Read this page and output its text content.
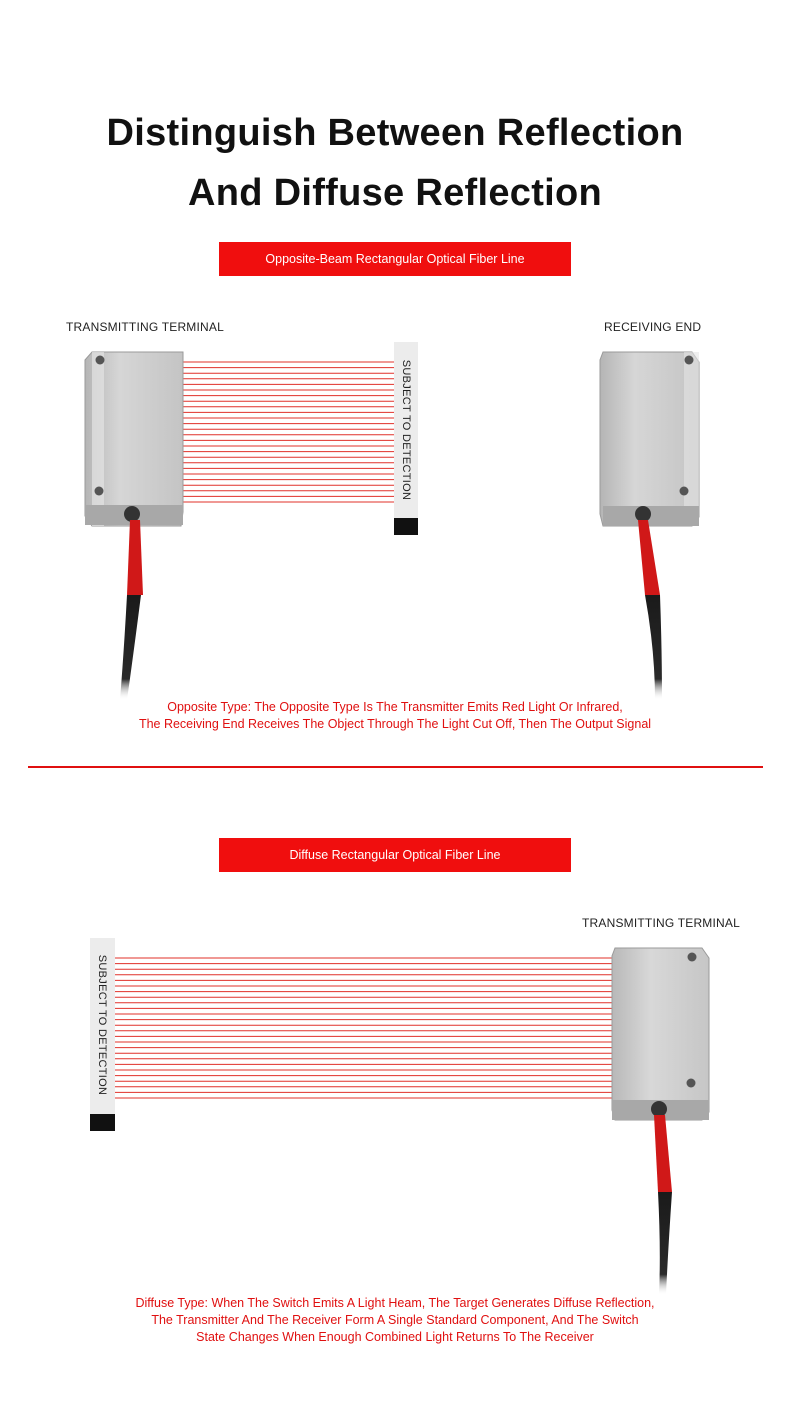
Distinguish Between Reflection
And Diffuse Reflection
Opposite-Beam Rectangular Optical Fiber Line
TRANSMITTING TERMINAL	RECEIVING END
SUBJECT TO DETECTION
Opposite Type: The Opposite Type Is The Transmitter Emits Red Light Or Infrared,
The Receiving End Receives The Object Through The Light Cut Off, Then The Output Signal
Diffuse Rectangular Optical Fiber Line
TRANSMITTING TERMINAL
SUBJECT TO DETECTION
Diffuse Type: When The Switch Emits A Light Heam, The Target Generates Diffuse Reflection,
The Transmitter And The Receiver Form A Single Standard Component, And The Switch
State Changes When Enough Combined Light Returns To The Receiver
